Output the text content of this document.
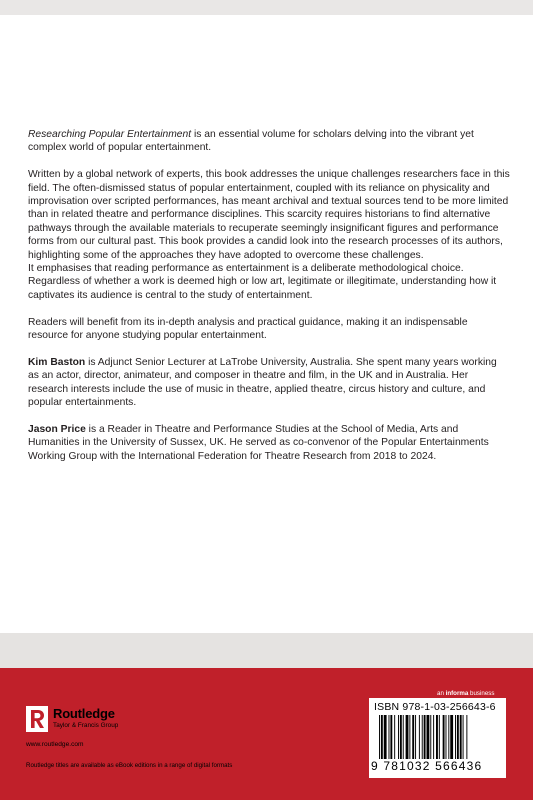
Researching Popular Entertainment is an essential volume for scholars delving into the vibrant yet complex world of popular entertainment.

Written by a global network of experts, this book addresses the unique challenges researchers face in this field. The often-dismissed status of popular entertainment, coupled with its reliance on physicality and improvisation over scripted performances, has meant archival and textual sources tend to be more limited than in related theatre and performance disciplines. This scarcity requires historians to find alternative pathways through the available materials to recuperate seemingly insignificant figures and performance forms from our cultural past. This book provides a candid look into the research processes of its authors, highlighting some of the approaches they have adopted to overcome these challenges.

It emphasises that reading performance as entertainment is a deliberate methodological choice. Regardless of whether a work is deemed high or low art, legitimate or illegitimate, understanding how it captivates its audience is central to the study of entertainment.

Readers will benefit from its in-depth analysis and practical guidance, making it an indispensable resource for anyone studying popular entertainment.

Kim Baston is Adjunct Senior Lecturer at LaTrobe University, Australia. She spent many years working as an actor, director, animateur, and composer in theatre and film, in the UK and in Australia. Her research interests include the use of music in theatre, applied theatre, circus history and culture, and popular entertainments.

Jason Price is a Reader in Theatre and Performance Studies at the School of Media, Arts and Humanities in the University of Sussex, UK. He served as co-convenor of the Popular Entertainments Working Group with the International Federation for Theatre Research from 2018 to 2024.

Routledge
Taylor & Francis Group
www.routledge.com
Routledge titles are available as eBook editions in a range of digital formats
an informa business
ISBN 978-1-03-256643-6
9 781032 566436
